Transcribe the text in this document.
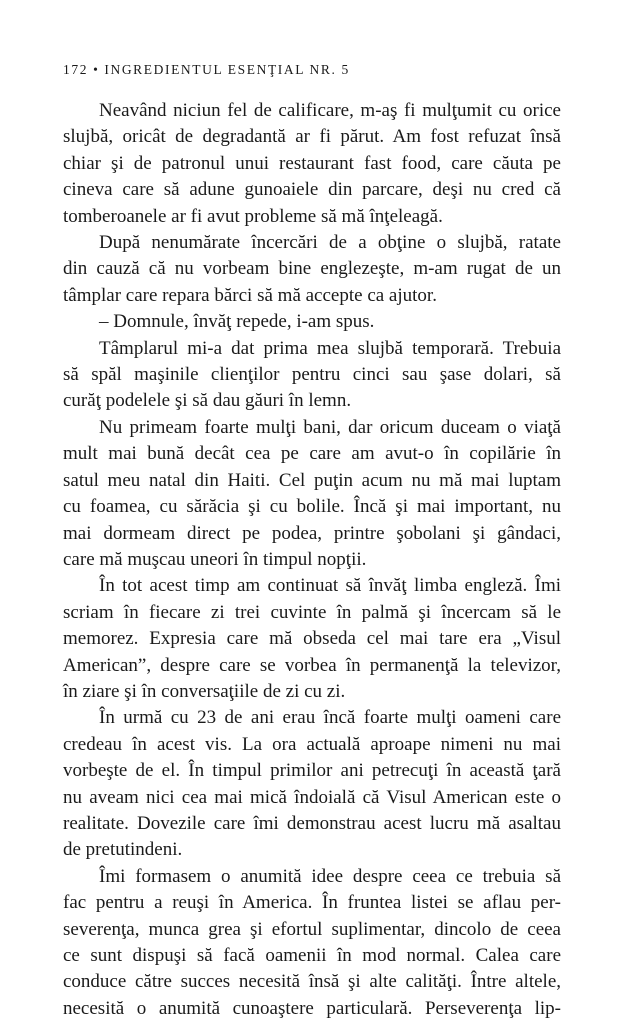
172 • INGREDIENTUL ESENŢIAL NR. 5
Neavând niciun fel de calificare, m-aş fi mulţumit cu orice
slujbă, oricât de degradantă ar fi părut. Am fost refuzat însă
chiar şi de patronul unui restaurant fast food, care căuta pe
cineva care să adune gunoaiele din parcare, deşi nu cred că
tomberoanele ar fi avut probleme să mă înţeleagă.
După nenumărate încercări de a obţine o slujbă, ratate
din cauză că nu vorbeam bine englezeşte, m-am rugat de un
tâmplar care repara bărci să mă accepte ca ajutor.
– Domnule, învăţ repede, i-am spus.
Tâmplarul mi-a dat prima mea slujbă temporară. Trebuia
să spăl maşinile clienţilor pentru cinci sau şase dolari, să
curăţ podelele şi să dau găuri în lemn.
Nu primeam foarte mulţi bani, dar oricum duceam o viaţă
mult mai bună decât cea pe care am avut-o în copilărie în
satul meu natal din Haiti. Cel puţin acum nu mă mai luptam
cu foamea, cu sărăcia şi cu bolile. Încă şi mai important, nu
mai dormeam direct pe podea, printre şobolani şi gândaci,
care mă muşcau uneori în timpul nopţii.
În tot acest timp am continuat să învăţ limba engleză. Îmi
scriam în fiecare zi trei cuvinte în palmă şi încercam să le
memorez. Expresia care mă obseda cel mai tare era „Visul
American”, despre care se vorbea în permanenţă la televizor,
în ziare şi în conversaţiile de zi cu zi.
În urmă cu 23 de ani erau încă foarte mulţi oameni care
credeau în acest vis. La ora actuală aproape nimeni nu mai
vorbeşte de el. În timpul primilor ani petrecuţi în această ţară
nu aveam nici cea mai mică îndoială că Visul American este o
realitate. Dovezile care îmi demonstrau acest lucru mă asaltau
de pretutindeni.
Îmi formasem o anumită idee despre ceea ce trebuia să
fac pentru a reuşi în America. În fruntea listei se aflau per-
severenţa, munca grea şi efortul suplimentar, dincolo de ceea
ce sunt dispuşi să facă oamenii în mod normal. Calea care
conduce către succes necesită însă şi alte calităţi. Între altele,
necesită o anumită cunoaştere particulară. Perseverenţa lip-
